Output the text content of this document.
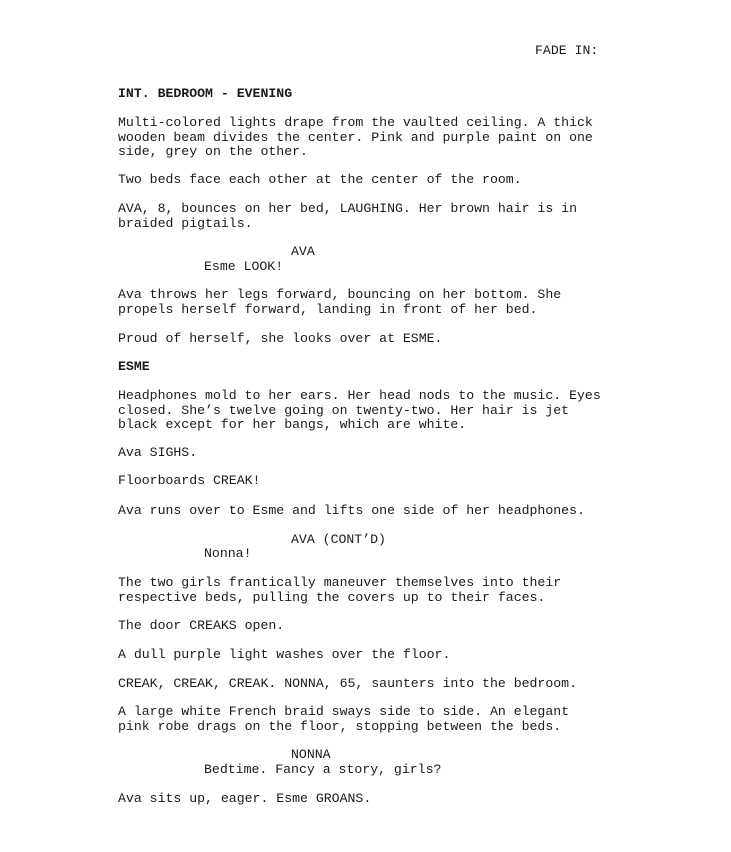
FADE IN:
INT. BEDROOM - EVENING
Multi-colored lights drape from the vaulted ceiling. A thick
wooden beam divides the center. Pink and purple paint on one
side, grey on the other.
Two beds face each other at the center of the room.
AVA, 8, bounces on her bed, LAUGHING. Her brown hair is in
braided pigtails.
AVA
Esme LOOK!
Ava throws her legs forward, bouncing on her bottom. She
propels herself forward, landing in front of her bed.
Proud of herself, she looks over at ESME.
ESME
Headphones mold to her ears. Her head nods to the music. Eyes
closed. She’s twelve going on twenty-two. Her hair is jet
black except for her bangs, which are white.
Ava SIGHS.
Floorboards CREAK!
Ava runs over to Esme and lifts one side of her headphones.
AVA (CONT’D)
Nonna!
The two girls frantically maneuver themselves into their
respective beds, pulling the covers up to their faces.
The door CREAKS open.
A dull purple light washes over the floor.
CREAK, CREAK, CREAK. NONNA, 65, saunters into the bedroom.
A large white French braid sways side to side. An elegant
pink robe drags on the floor, stopping between the beds.
NONNA
Bedtime. Fancy a story, girls?
Ava sits up, eager. Esme GROANS.
